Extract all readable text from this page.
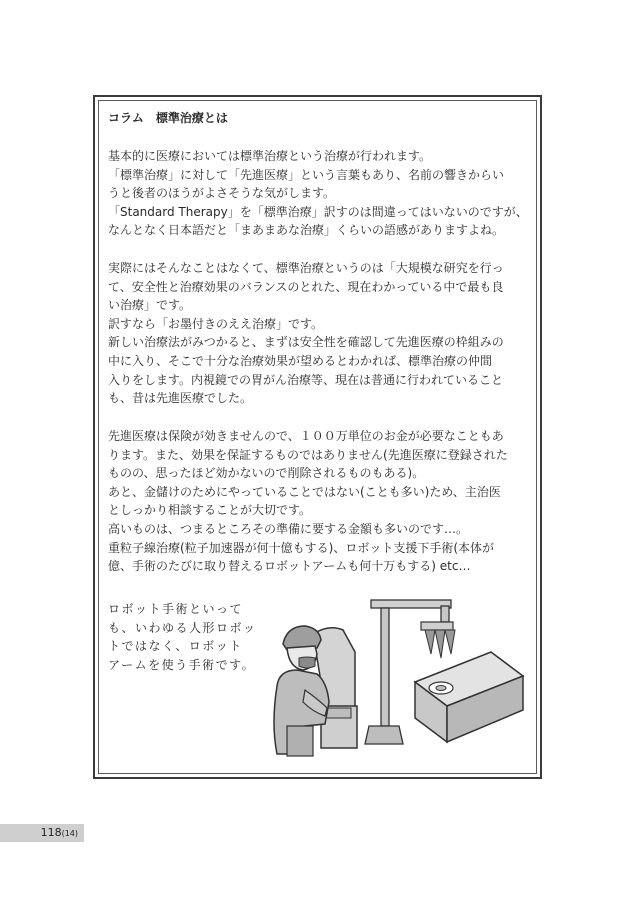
コラム　標準治療とは
基本的に医療においては標準治療という治療が行われます。
「標準治療」に対して「先進医療」という言葉もあり、名前の響きからい
うと後者のほうがよさそうな気がします。
「Standard Therapy」を「標準治療」訳すのは間違ってはいないのですが、
なんとなく日本語だと「まあまあな治療」くらいの語感がありますよね。
実際にはそんなことはなくて、標準治療というのは「大規模な研究を行っ
て、安全性と治療効果のバランスのとれた、現在わかっている中で最も良
い治療」です。
訳すなら「お墨付きのええ治療」です。
新しい治療法がみつかると、まずは安全性を確認して先進医療の枠組みの
中に入り、そこで十分な治療効果が望めるとわかれば、標準治療の仲間
入りをします。内視鏡での胃がん治療等、現在は普通に行われていること
も、昔は先進医療でした。
先進医療は保険が効きませんので、１００万単位のお金が必要なこともあ
ります。また、効果を保証するものではありません(先進医療に登録された
ものの、思ったほど効かないので削除されるものもある)。
あと、金儲けのためにやっていることではない(ことも多い)ため、主治医
としっかり相談することが大切です。
高いものは、つまるところその準備に要する金額も多いのです…。
重粒子線治療(粒子加速器が何十億もする)、ロボット支援下手術(本体が
億、手術のたびに取り替えるロボットアームも何十万もする) etc…
ロボット手術といって
も、いわゆる人形ロボッ
トではなく、ロボット
アームを使う手術です。
118(14)
